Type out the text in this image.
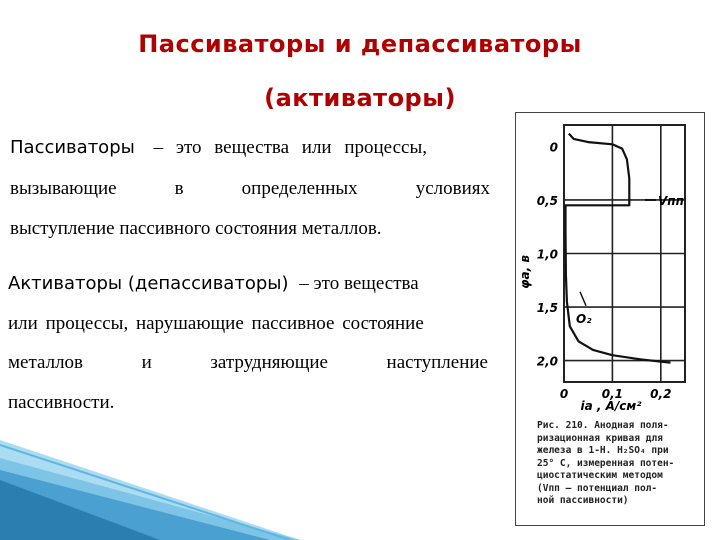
Пассиваторы и депассиваторы
(активаторы)
Пассиваторы – это вещества или процессы,
вызывающие	в	определенных	условиях
выступление пассивного состояния металлов.
Активаторы (депассиваторы) – это вещества
или процессы, нарушающие пассивное состояние
металлов	и	затрудняющие	наступление
пассивности.
0
0,5
1,0
1,5
2,0
0	0,1 0,2
φa, в
ia , A/см²
Vпп
O₂
Рис. 210. Анодная поля-
ризационная кривая для
железа в 1-Н. H₂SO₄ при
25° С, измеренная потен-
циостатическим методом
(Vпп — потенциал пол-
ной пассивности)
